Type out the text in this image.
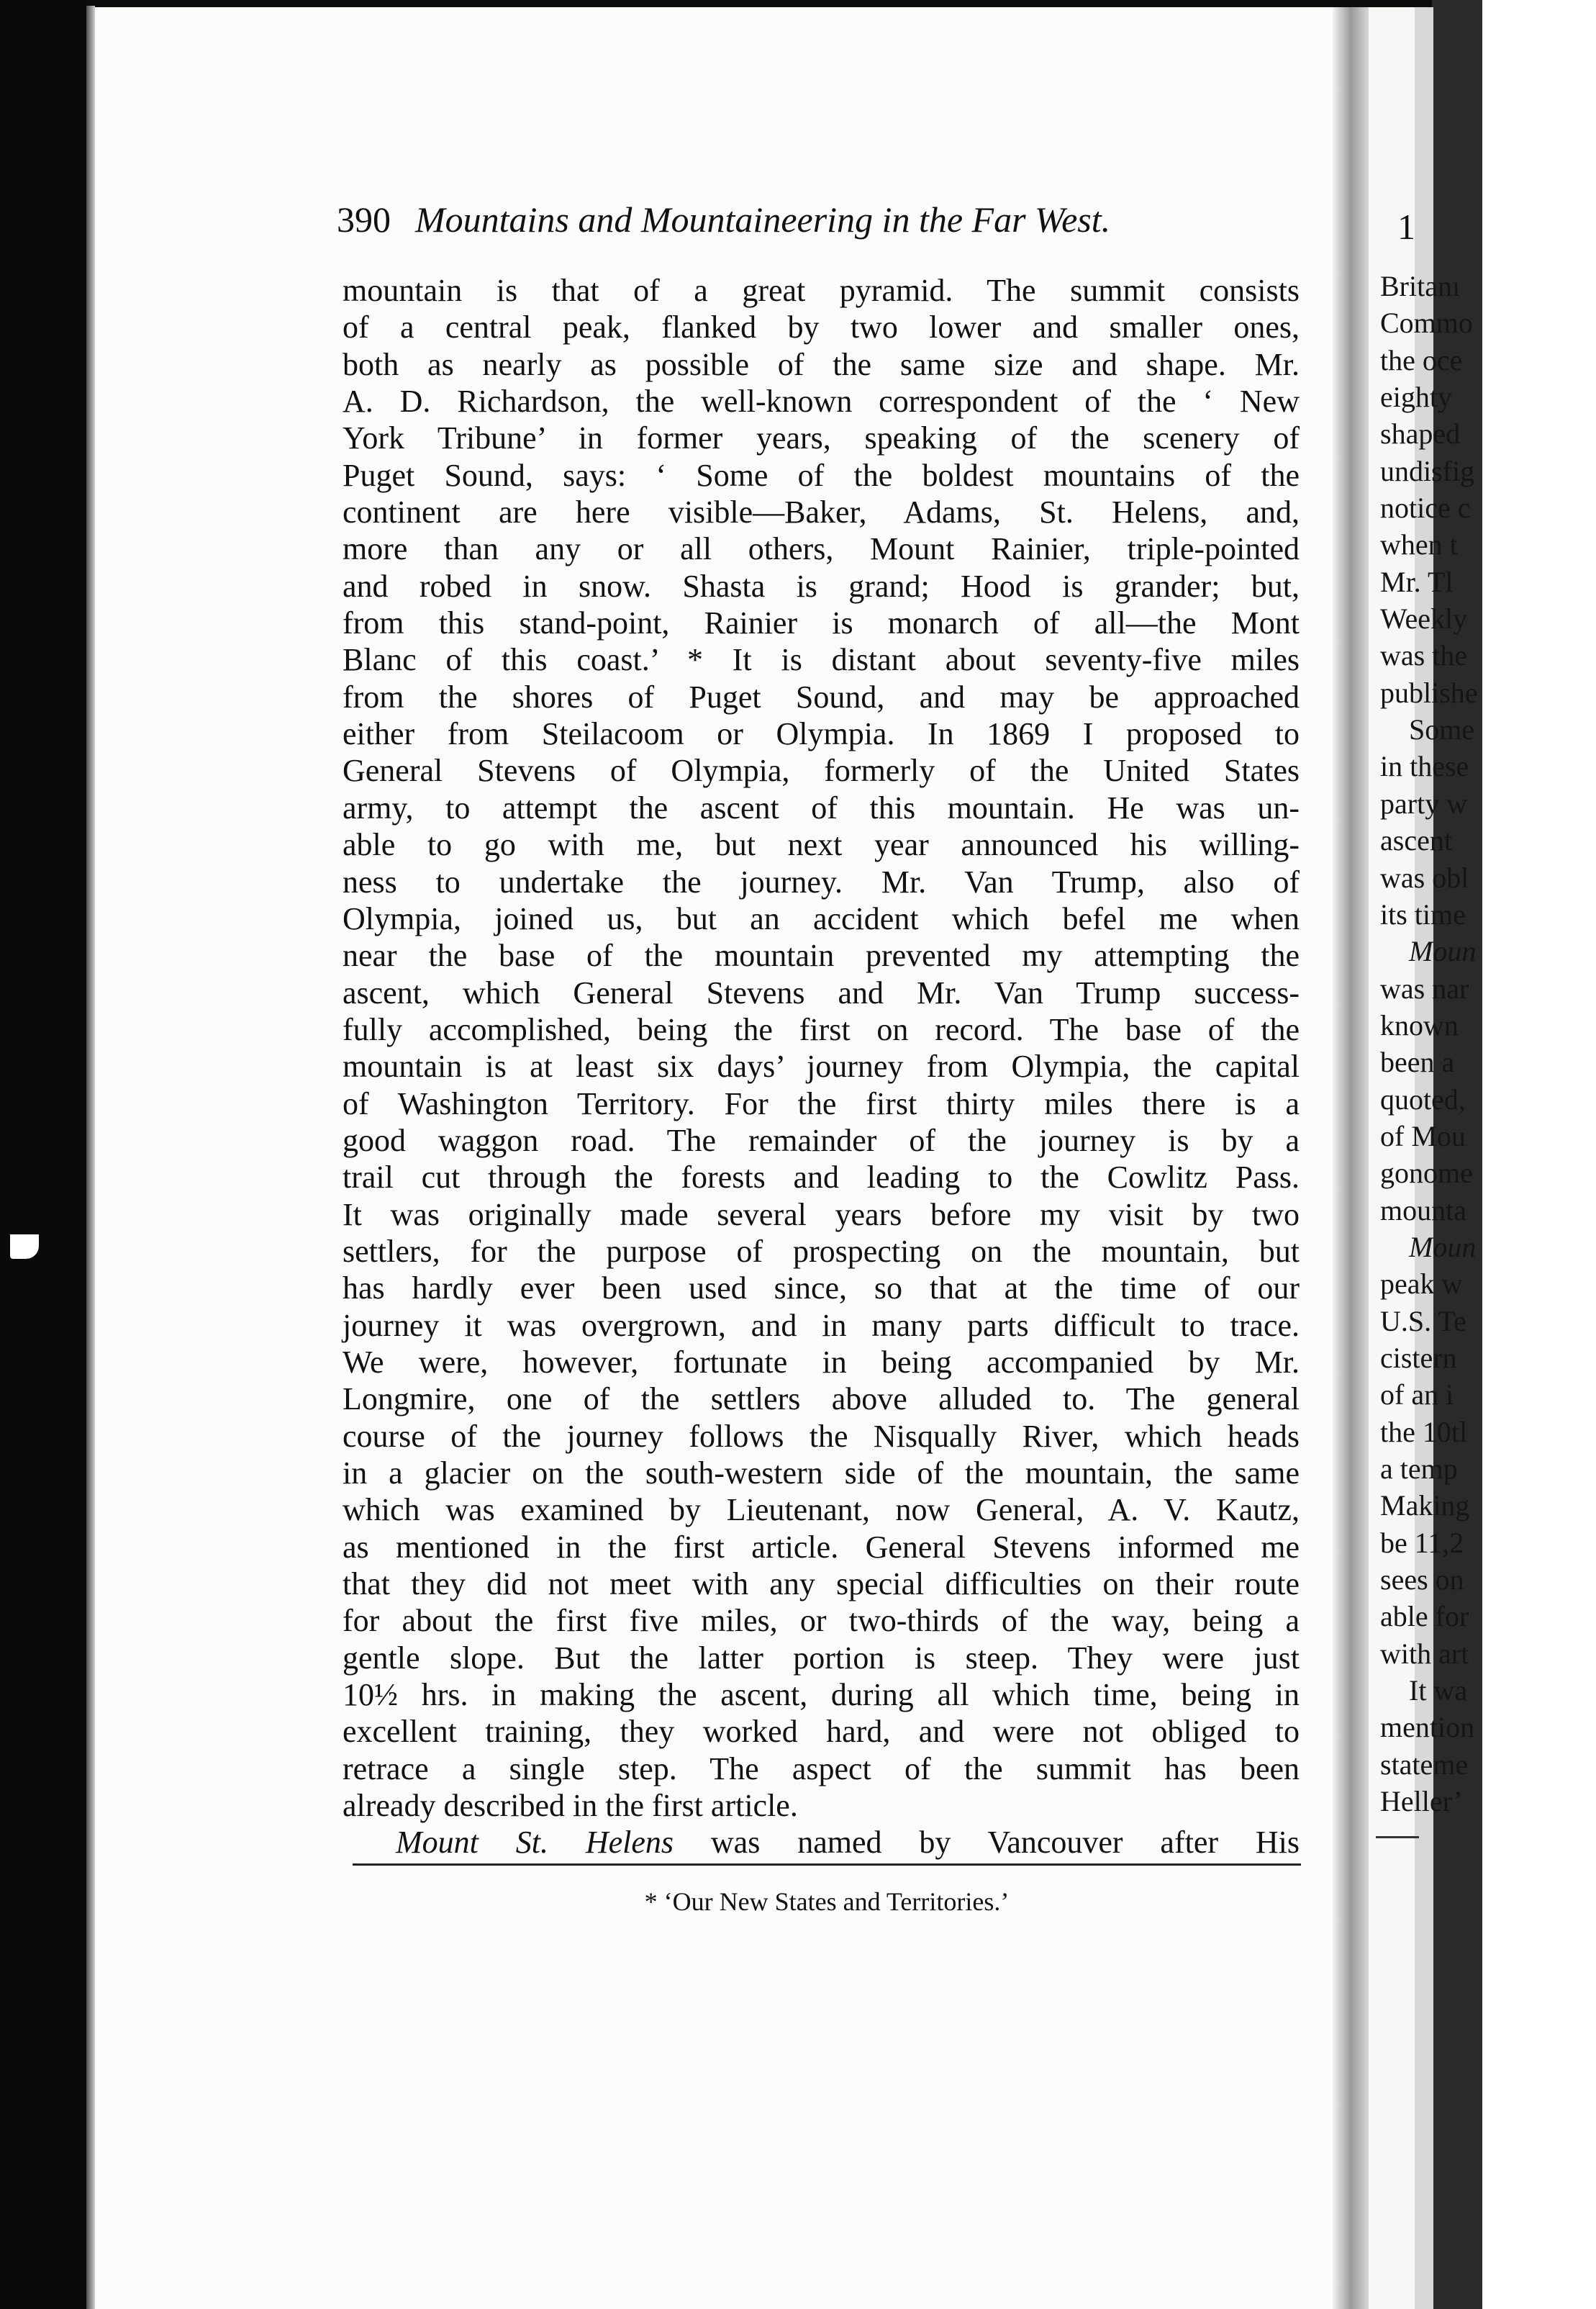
390 Mountains and Mountaineering in the Far West.
mountain is that of a great pyramid. The summit consists
of a central peak, flanked by two lower and smaller ones,
both as nearly as possible of the same size and shape. Mr.
A. D. Richardson, the well-known correspondent of the ‘ New
York Tribune’ in former years, speaking of the scenery of
Puget Sound, says: ‘ Some of the boldest mountains of the
continent are here visible—Baker, Adams, St. Helens, and,
more than any or all others, Mount Rainier, triple-pointed
and robed in snow. Shasta is grand; Hood is grander; but,
from this stand-point, Rainier is monarch of all—the Mont
Blanc of this coast.’ * It is distant about seventy-five miles
from the shores of Puget Sound, and may be approached
either from Steilacoom or Olympia. In 1869 I proposed to
General Stevens of Olympia, formerly of the United States
army, to attempt the ascent of this mountain. He was un-
able to go with me, but next year announced his willing-
ness to undertake the journey. Mr. Van Trump, also of
Olympia, joined us, but an accident which befel me when
near the base of the mountain prevented my attempting the
ascent, which General Stevens and Mr. Van Trump success-
fully accomplished, being the first on record. The base of the
mountain is at least six days’ journey from Olympia, the capital
of Washington Territory. For the first thirty miles there is a
good waggon road. The remainder of the journey is by a
trail cut through the forests and leading to the Cowlitz Pass.
It was originally made several years before my visit by two
settlers, for the purpose of prospecting on the mountain, but
has hardly ever been used since, so that at the time of our
journey it was overgrown, and in many parts difficult to trace.
We were, however, fortunate in being accompanied by Mr.
Longmire, one of the settlers above alluded to. The general
course of the journey follows the Nisqually River, which heads
in a glacier on the south-western side of the mountain, the same
which was examined by Lieutenant, now General, A. V. Kautz,
as mentioned in the first article. General Stevens informed me
that they did not meet with any special difficulties on their route
for about the first five miles, or two-thirds of the way, being a
gentle slope. But the latter portion is steep. They were just
10½ hrs. in making the ascent, during all which time, being in
excellent training, they worked hard, and were not obliged to
retrace a single step. The aspect of the summit has been
already described in the first article.
Mount St. Helens was named by Vancouver after His
* ‘Our New States and Territories.’
1
Britanı
Commo
the oce
eighty
shaped
undisfig
notice c
when t
Mr. Tl
Weekly
was the
publishe
Some
in these
party w
ascent
was obl
its time
Moun
was nar
known
been a
quoted,
of Mou
gonome
mounta
Moun
peak w
U.S. Te
cistern
of an i
the 10tl
a temp
Making
be 11,2
sees on
able for
with art
It wa
mention
stateme
Heller’
